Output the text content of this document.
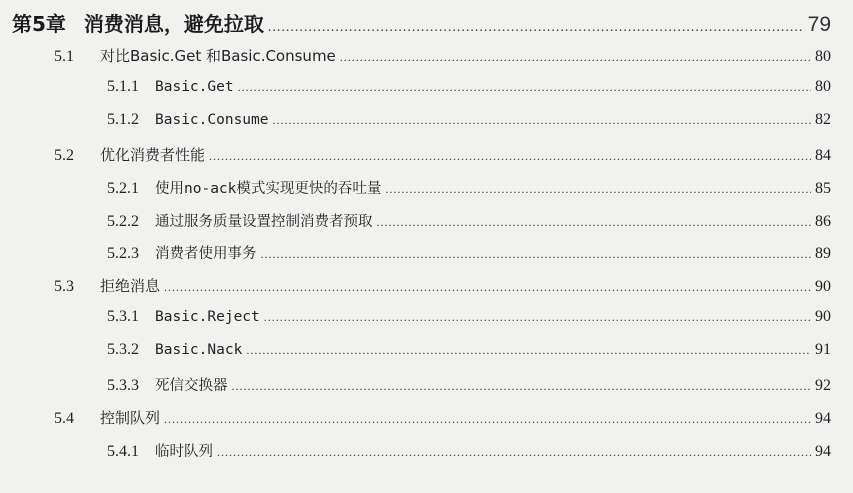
第5章 消费消息，避免拉取 .....	79
5.1	对比Basic.Get 和Basic.Consume .....	80
5.1.1	Basic.Get .....	80
5.1.2	Basic.Consume .....	82
5.2	优化消费者性能 .....	84
5.2.1	使用no-ack模式实现更快的吞吐量 .....	85
5.2.2	通过服务质量设置控制消费者预取 .....	86
5.2.3	消费者使用事务 .....	89
5.3	拒绝消息 .....	90
5.3.1	Basic.Reject .....	90
5.3.2	Basic.Nack .....	91
5.3.3	死信交换器 .....	92
5.4	控制队列 .....	94
5.4.1	临时队列 .....	94
